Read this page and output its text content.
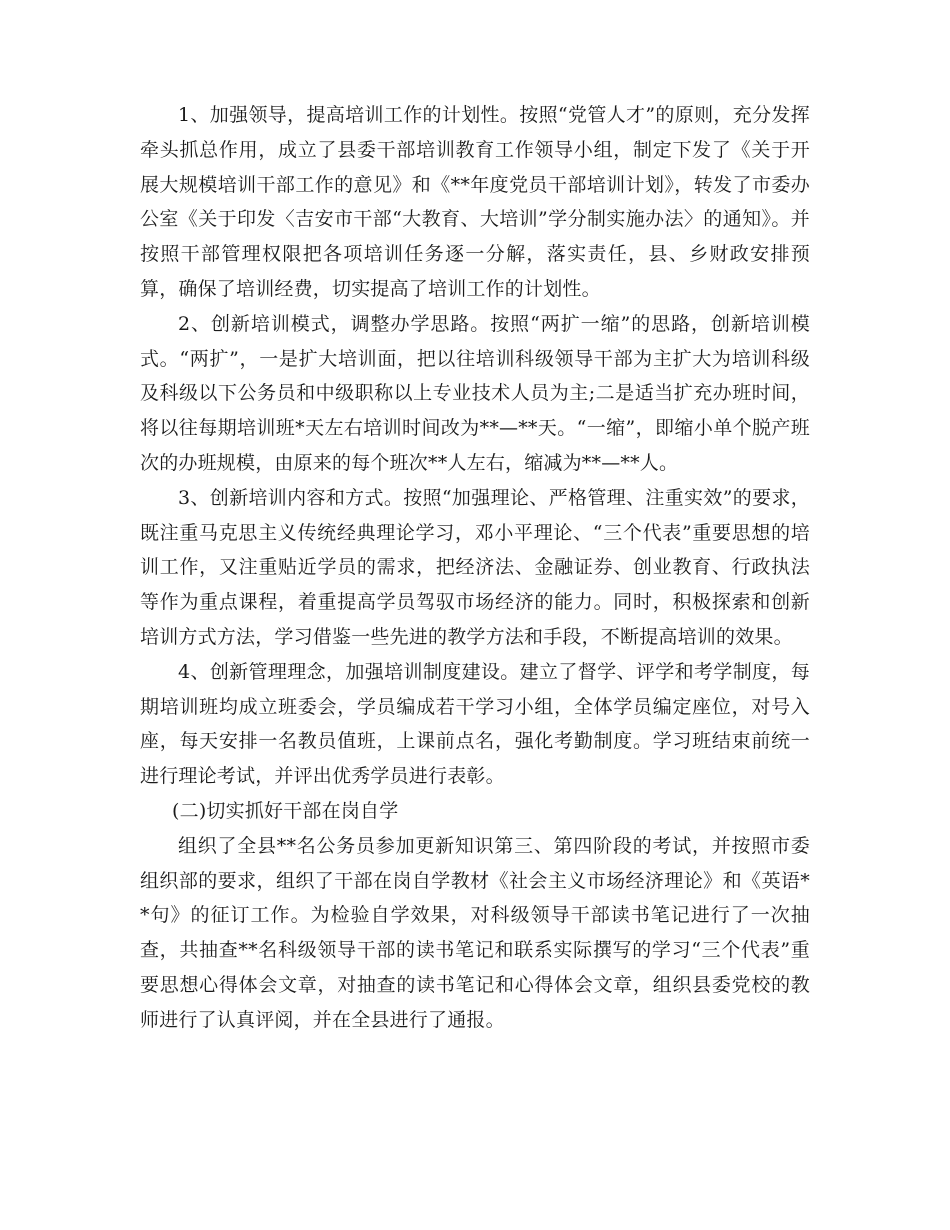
1、加强领导，提高培训工作的计划性。按照“党管人才”的原则，充分发挥牵头抓总作用，成立了县委干部培训教育工作领导小组，制定下发了《关于开展大规模培训干部工作的意见》和《**年度党员干部培训计划》，转发了市委办公室《关于印发〈吉安市干部“大教育、大培训”学分制实施办法〉的通知》。并按照干部管理权限把各项培训任务逐一分解，落实责任，县、乡财政安排预算，确保了培训经费，切实提高了培训工作的计划性。

2、创新培训模式，调整办学思路。按照“两扩一缩”的思路，创新培训模式。“两扩”，一是扩大培训面，把以往培训科级领导干部为主扩大为培训科级及科级以下公务员和中级职称以上专业技术人员为主;二是适当扩充办班时间，将以往每期培训班*天左右培训时间改为**—**天。“一缩”，即缩小单个脱产班次的办班规模，由原来的每个班次**人左右，缩减为**—**人。

3、创新培训内容和方式。按照“加强理论、严格管理、注重实效”的要求，既注重马克思主义传统经典理论学习，邓小平理论、“三个代表”重要思想的培训工作，又注重贴近学员的需求，把经济法、金融证券、创业教育、行政执法等作为重点课程，着重提高学员驾驭市场经济的能力。同时，积极探索和创新培训方式方法，学习借鉴一些先进的教学方法和手段，不断提高培训的效果。

4、创新管理理念，加强培训制度建设。建立了督学、评学和考学制度，每期培训班均成立班委会，学员编成若干学习小组，全体学员编定座位，对号入座，每天安排一名教员值班，上课前点名，强化考勤制度。学习班结束前统一进行理论考试，并评出优秀学员进行表彰。

(二)切实抓好干部在岗自学

组织了全县**名公务员参加更新知识第三、第四阶段的考试，并按照市委组织部的要求，组织了干部在岗自学教材《社会主义市场经济理论》和《英语**句》的征订工作。为检验自学效果，对科级领导干部读书笔记进行了一次抽查，共抽查**名科级领导干部的读书笔记和联系实际撰写的学习“三个代表”重要思想心得体会文章，对抽查的读书笔记和心得体会文章，组织县委党校的教师进行了认真评阅，并在全县进行了通报。
